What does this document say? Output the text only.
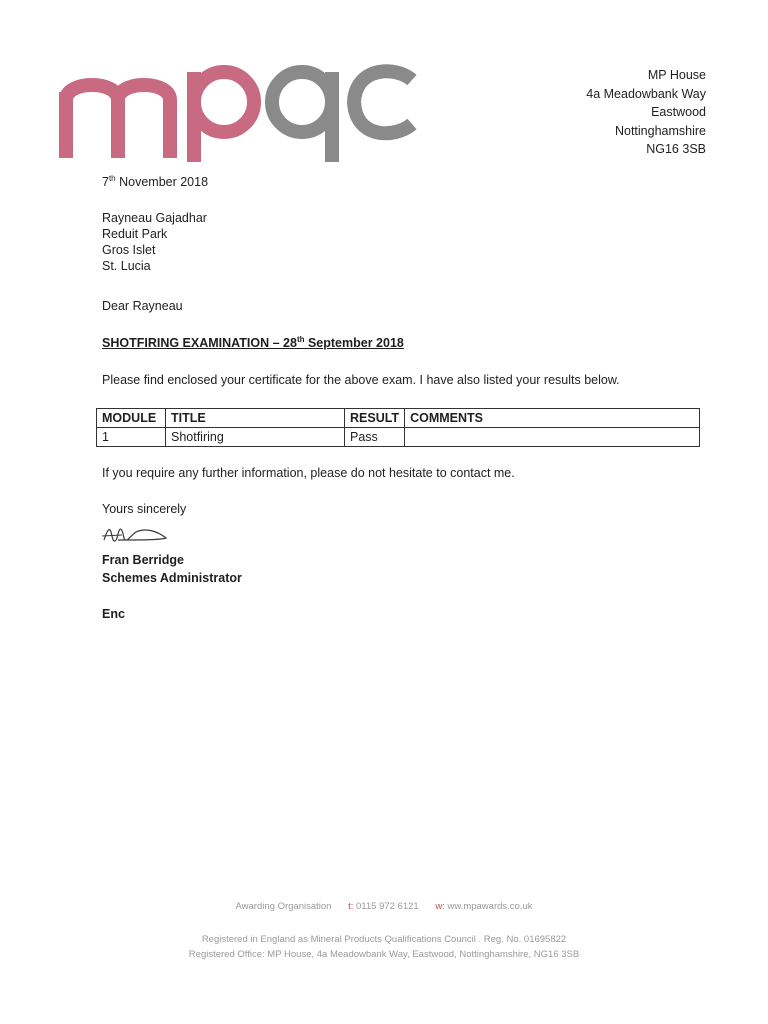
MP House
4a Meadowbank Way
Eastwood
Nottinghamshire
NG16 3SB
7th November 2018
Rayneau Gajadhar
Reduit Park
Gros Islet
St. Lucia
Dear Rayneau
SHOTFIRING EXAMINATION – 28th September 2018
Please find enclosed your certificate for the above exam. I have also listed your results below.
MODULE	TITLE	RESULT	COMMENTS
1	Shotfiring	Pass	
If you require any further information, please do not hesitate to contact me.
Yours sincerely
Fran Berridge
Schemes Administrator
Enc
Awarding Organisation t: 0115 972 6121 w: ww.mpawards.co.uk
Registered in England as Mineral Products Qualifications Council . Reg. No. 01695822
Registered Office: MP House, 4a Meadowbank Way, Eastwood, Nottinghamshire, NG16 3SB
